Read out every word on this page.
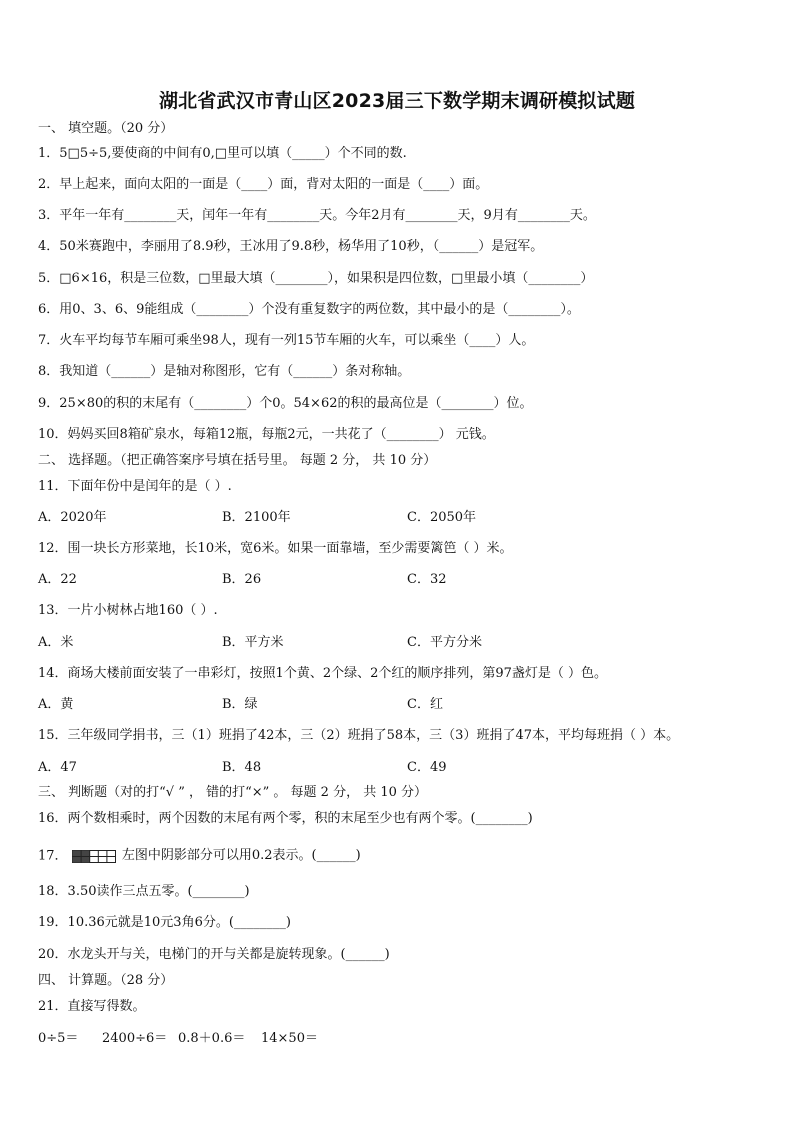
湖北省武汉市青山区2023届三下数学期末调研模拟试题
一、 填空题。（20 分）
1．5□5÷5,要使商的中间有0,□里可以填（_____）个不同的数.
2．早上起来，面向太阳的一面是（____）面，背对太阳的一面是（____）面。
3．平年一年有________天，闰年一年有________天。今年2月有________天，9月有________天。
4．50米赛跑中，李丽用了8.9秒，王冰用了9.8秒，杨华用了10秒，（______）是冠军。
5．□6×16，积是三位数，□里最大填（________），如果积是四位数，□里最小填（________）
6．用0、3、6、9能组成（________）个没有重复数字的两位数，其中最小的是（________）。
7．火车平均每节车厢可乘坐98人，现有一列15节车厢的火车，可以乘坐（____）人。
8．我知道（______）是轴对称图形，它有（______）条对称轴。
9．25×80的积的末尾有（________）个0。54×62的积的最高位是（________）位。
10．妈妈买回8箱矿泉水，每箱12瓶，每瓶2元，一共花了（________） 元钱。
二、 选择题。（把正确答案序号填在括号里。 每题 2 分， 共 10 分）
11．下面年份中是闰年的是（ ）.
A．2020年	B．2100年	C．2050年
12．围一块长方形菜地，长10米，宽6米。如果一面靠墙，至少需要篱笆（ ）米。
A．22	B．26	C．32
13．一片小树林占地160（ ）.
A．米	B．平方米	C．平方分米
14．商场大楼前面安装了一串彩灯，按照1个黄、2个绿、2个红的顺序排列，第97盏灯是（ ）色。
A．黄	B．绿	C．红
15．三年级同学捐书，三（1）班捐了42本，三（2）班捐了58本，三（3）班捐了47本，平均每班捐（ ）本。
A．47	B．48	C．49
三、 判断题（对的打“√ ” ， 错的打“×” 。 每题 2 分， 共 10 分）
16．两个数相乘时，两个因数的末尾有两个零，积的末尾至少也有两个零。(________)
17．	左图中阴影部分可以用0.2表示。(______)
18．3.50读作三点五零。(________)
19．10.36元就是10元3角6分。(________)
20．水龙头开与关，电梯门的开与关都是旋转现象。(______)
四、 计算题。（28 分）
21．直接写得数。
0÷5＝ 2400÷6＝ 0.8＋0.6＝ 14×50＝
